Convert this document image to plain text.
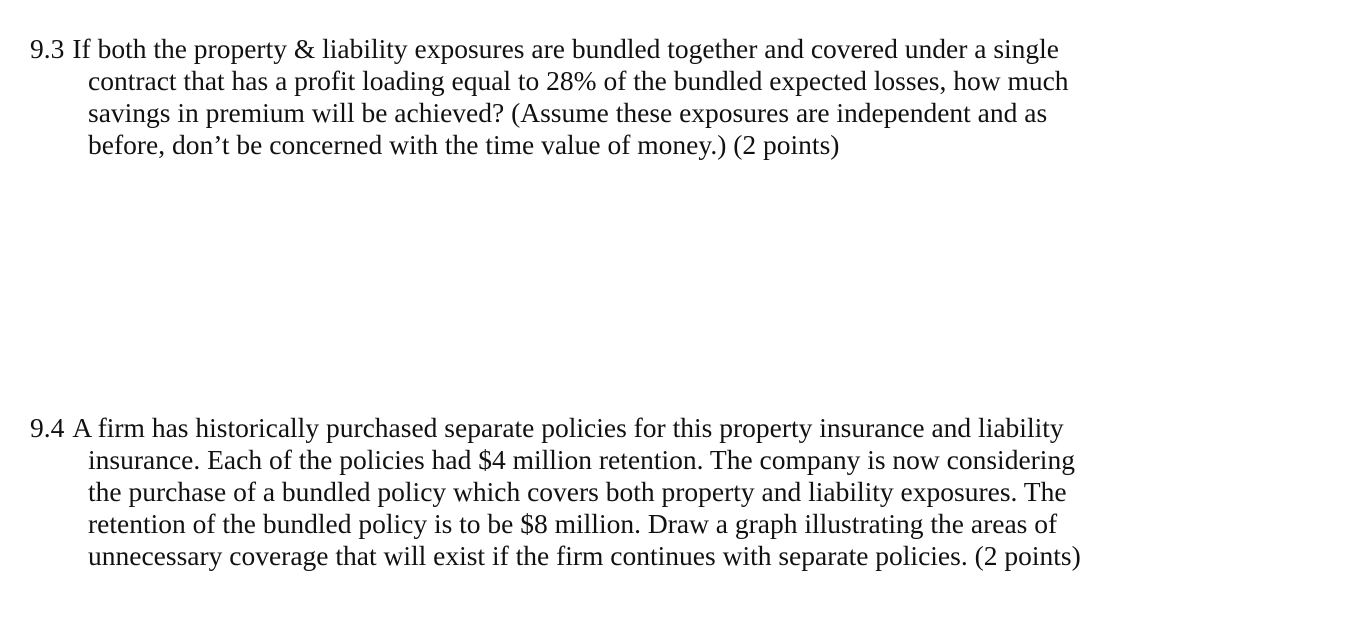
9.3 If both the property & liability exposures are bundled together and covered under a single
contract that has a profit loading equal to 28% of the bundled expected losses, how much
savings in premium will be achieved? (Assume these exposures are independent and as
before, don’t be concerned with the time value of money.) (2 points)
9.4 A firm has historically purchased separate policies for this property insurance and liability
insurance. Each of the policies had $4 million retention. The company is now considering
the purchase of a bundled policy which covers both property and liability exposures. The
retention of the bundled policy is to be $8 million. Draw a graph illustrating the areas of
unnecessary coverage that will exist if the firm continues with separate policies. (2 points)
